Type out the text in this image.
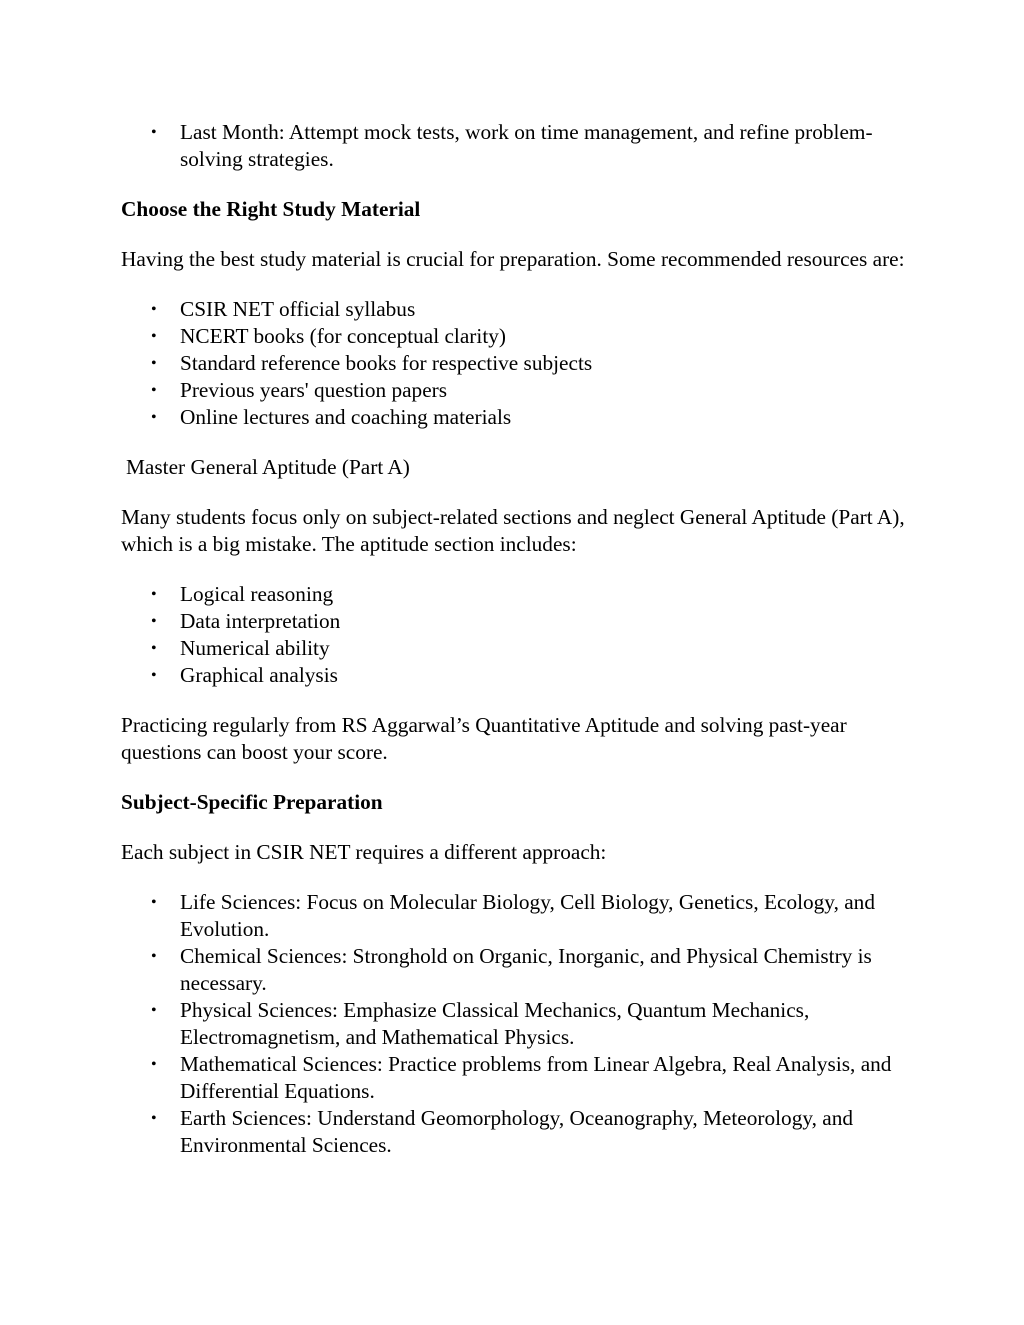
• Last Month: Attempt mock tests, work on time management, and refine problem-solving strategies.
Choose the Right Study Material

Having the best study material is crucial for preparation. Some recommended resources are:

• CSIR NET official syllabus
• NCERT books (for conceptual clarity)
• Standard reference books for respective subjects
• Previous years' question papers
• Online lectures and coaching materials

Master General Aptitude (Part A)

Many students focus only on subject-related sections and neglect General Aptitude (Part A), which is a big mistake. The aptitude section includes:

• Logical reasoning
• Data interpretation
• Numerical ability
• Graphical analysis

Practicing regularly from RS Aggarwal’s Quantitative Aptitude and solving past-year questions can boost your score.

Subject-Specific Preparation

Each subject in CSIR NET requires a different approach:

• Life Sciences: Focus on Molecular Biology, Cell Biology, Genetics, Ecology, and Evolution.
• Chemical Sciences: Stronghold on Organic, Inorganic, and Physical Chemistry is necessary.
• Physical Sciences: Emphasize Classical Mechanics, Quantum Mechanics, Electromagnetism, and Mathematical Physics.
• Mathematical Sciences: Practice problems from Linear Algebra, Real Analysis, and Differential Equations.
• Earth Sciences: Understand Geomorphology, Oceanography, Meteorology, and Environmental Sciences.
